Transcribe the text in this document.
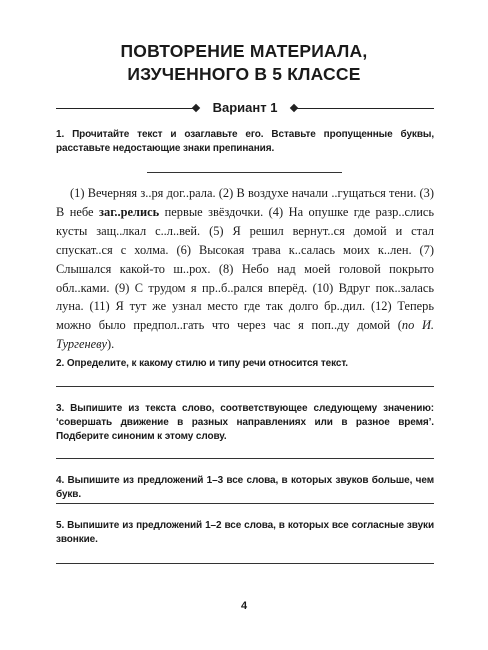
ПОВТОРЕНИЕ МАТЕРИАЛА,
ИЗУЧЕННОГО В 5 КЛАССЕ
Вариант 1
1. Прочитайте текст и озаглавьте его. Вставьте пропущенные буквы, расставьте недостающие знаки препинания.

(1) Вечерняя з..ря дог..рала. (2) В воздухе начали ..гущаться тени. (3) В небе заг..релись первые звёздочки. (4) На опушке где разр..слись кусты защ..лкал с..л..вей. (5) Я решил вернут..ся домой и стал спускат..ся с холма. (6) Высокая трава к..салась моих к..лен. (7) Слышался какой-то ш..рох. (8) Небо над моей головой покрыто обл..ками. (9) С трудом я пр..б..рался вперёд. (10) Вдруг пок..залась луна. (11) Я тут же узнал место где так долго бр..дил. (12) Теперь можно было предпол..гать что через час я поп..ду домой (по И. Тургеневу).

2. Определите, к какому стилю и типу речи относится текст.
3. Выпишите из текста слово, соответствующее следующему значению: ‘совершать движение в разных направлениях или в разное время’. Подберите синоним к этому слову.
4. Выпишите из предложений 1–3 все слова, в которых звуков больше, чем букв.
5. Выпишите из предложений 1–2 все слова, в которых все согласные звуки звонкие.
4
